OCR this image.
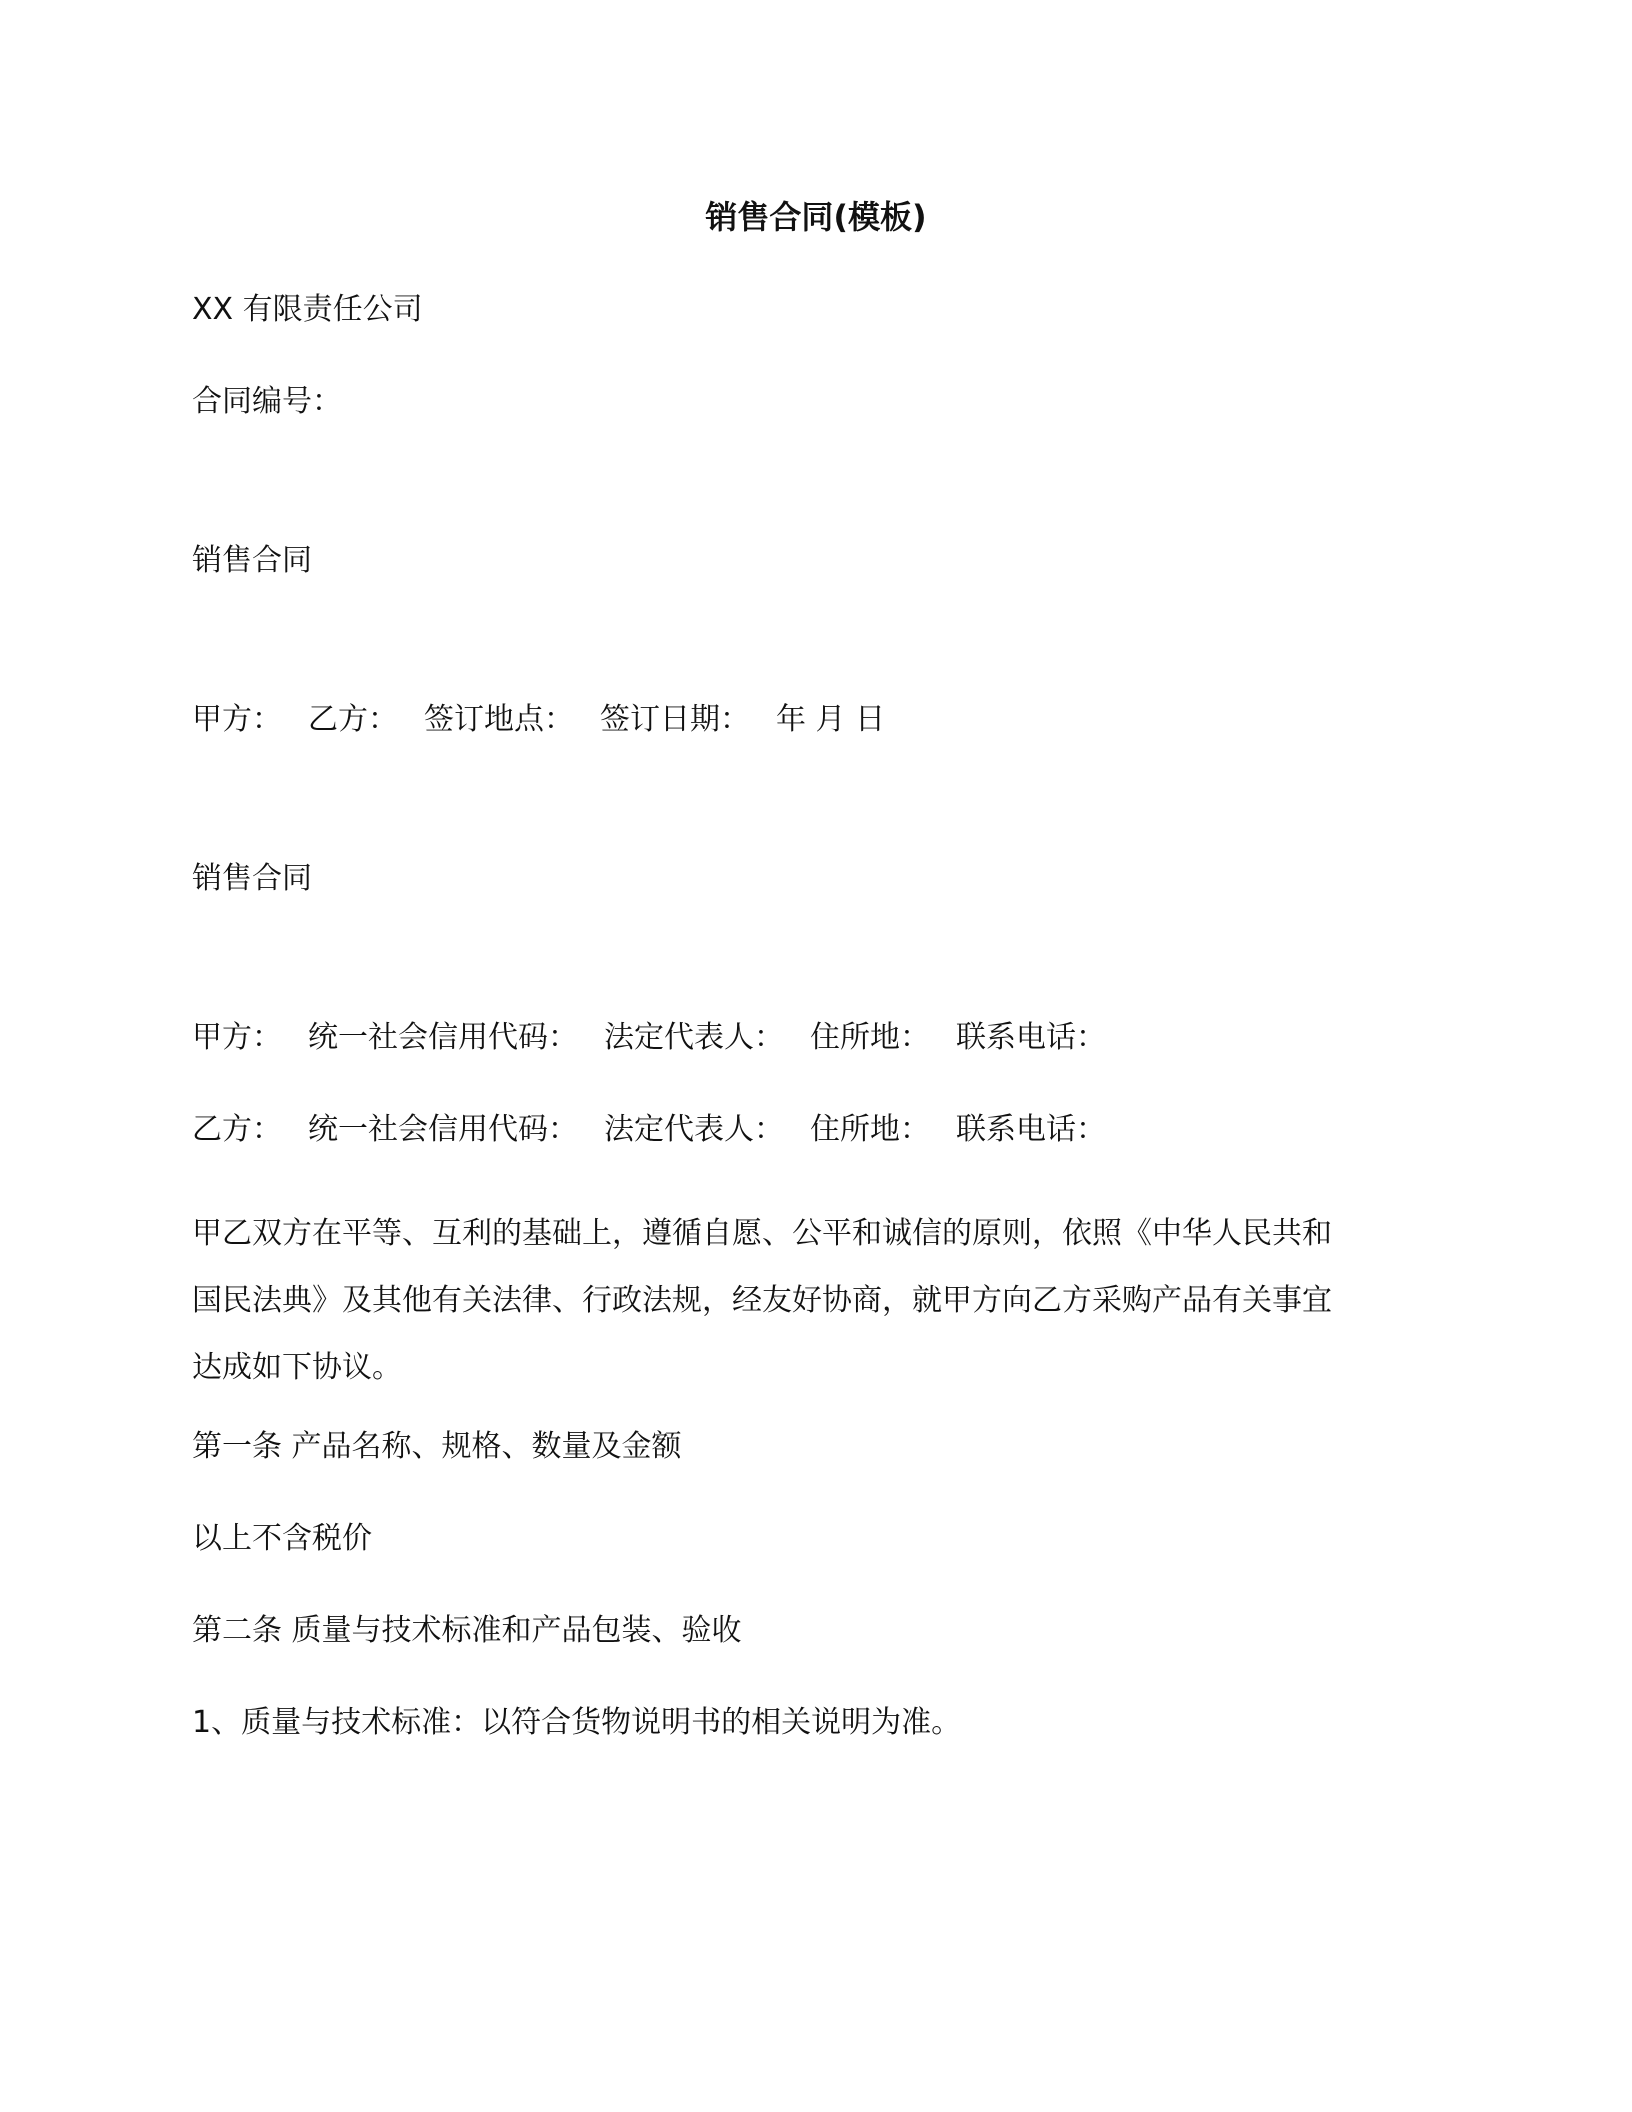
销售合同(模板)

XX 有限责任公司

合同编号：

销售合同

甲方： 乙方： 签订地点： 签订日期： 年 月 日

销售合同

甲方： 统一社会信用代码： 法定代表人： 住所地： 联系电话：

乙方： 统一社会信用代码： 法定代表人： 住所地： 联系电话：

甲乙双方在平等、互利的基础上，遵循自愿、公平和诚信的原则，依照《中华人民共和
国民法典》及其他有关法律、行政法规，经友好协商，就甲方向乙方采购产品有关事宜
达成如下协议。

第一条 产品名称、规格、数量及金额

以上不含税价

第二条 质量与技术标准和产品包装、验收

1、质量与技术标准：以符合货物说明书的相关说明为准。
